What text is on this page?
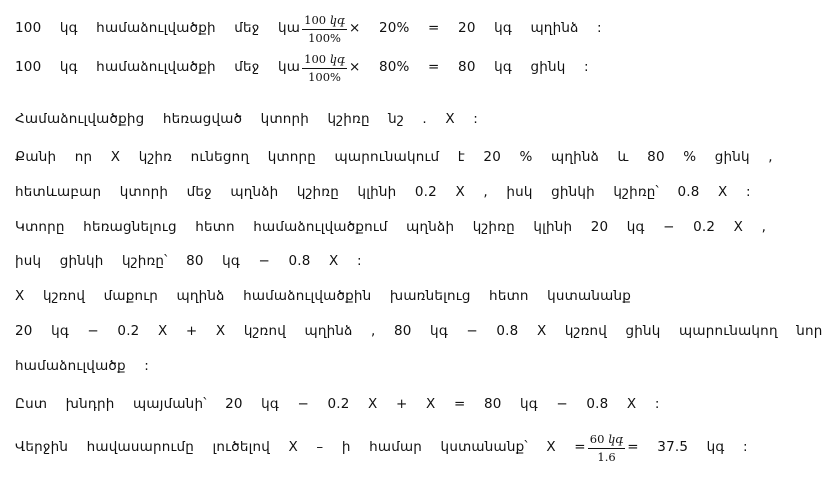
100 կգ համաձուլվածքի մեջ կա $\frac{\text{100 կգ}}{100\%} \times 20\% = 20$ կգ պղինձ :
100 կգ համաձուլվածքի մեջ կա $\frac{\text{100 կգ}}{100\%} \times 80\% = 80$ կգ ցինկ :
Համաձուլվածքից հեռացված կտորի կշիռը նշ . X :
Քանի որ X կշիռ ունեցող կտորը պարունակում է 20 % պղինձ և 80 % ցինկ ,
հետևաբար կտորի մեջ պղնձի կշիռը կլինի 0.2 X , իսկ ցինկի կշիռը՝ 0.8 X :
Կտորը հեռացնելուց հետո համաձուլվածքում պղնձի կշիռը կլինի 20 կգ − 0.2 X ,
իսկ ցինկի կշիռը՝ 80 կգ − 0.8 X :
X կշռով մաքուր պղինձ համաձուլվածքին խառնելուց հետո կստանանք
20 կգ − 0.2 X + X կշռով պղինձ , 80 կգ − 0.8 X կշռով ցինկ պարունակող նոր
համաձուլվածք :
Ըստ խնդրի պայմանի՝ 20 կգ − 0.2 X + X = 80 կգ − 0.8 X :
Վերջին հավասարումը լուծելով X – ի համար կստանանք՝ $X = \frac{\text{60 կգ}}{1.6} = 37.5$ կգ :
